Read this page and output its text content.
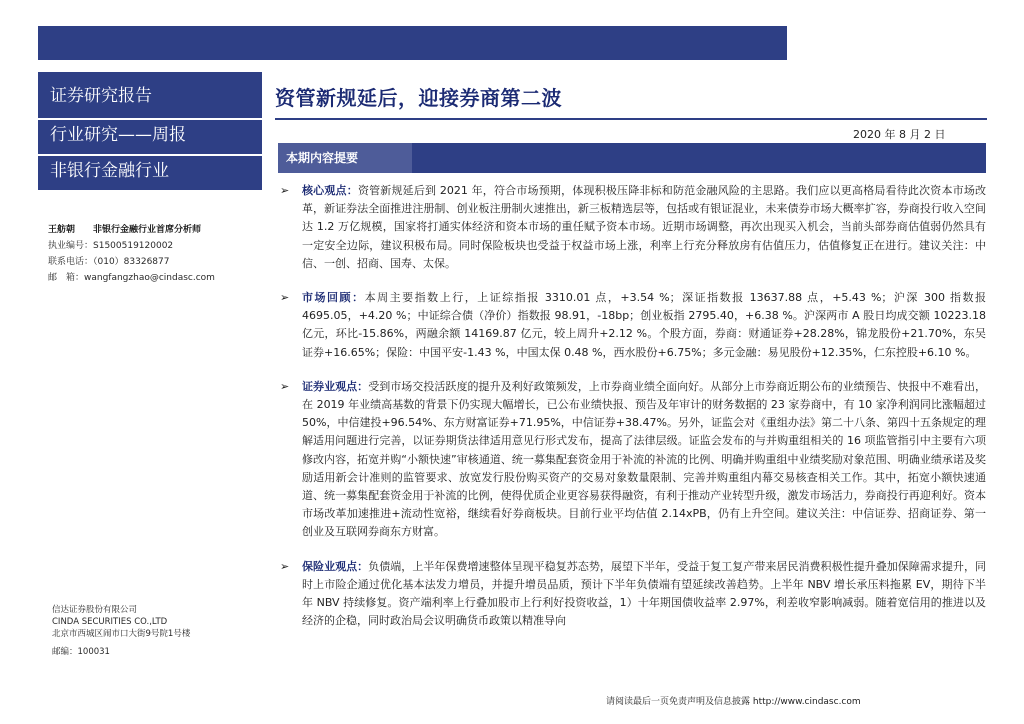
证券研究报告
行业研究——周报
非银行金融行业
王舫朝 非银行金融行业首席分析师
执业编号：S1500519120002
联系电话：（010）83326877
邮　箱：wangfangzhao@cindasc.com
信达证券股份有限公司
CINDA SECURITIES CO.,LTD
北京市西城区闹市口大街9号院1号楼
邮编：100031
资管新规延后，迎接券商第二波
2020 年 8 月 2 日
本期内容提要
➢ 核心观点：资管新规延后到 2021 年，符合市场预期，体现积极压降非标和防范金融风险的主思路。我们应以更高格局看待此次资本市场改革，新证券法全面推进注册制、创业板注册制火速推出，新三板精选层等，包括或有银证混业，未来债券市场大概率扩容，券商投行收入空间达 1.2 万亿规模，国家将打通实体经济和资本市场的重任赋予资本市场。近期市场调整，再次出现买入机会，当前头部券商估值弱仍然具有一定安全边际，建议积极布局。同时保险板块也受益于权益市场上涨，利率上行充分释放房有估值压力，估值修复正在进行。建议关注：中信、一创、招商、国寿、太保。
➢ 市场回顾：本周主要指数上行，上证综指报 3310.01 点，+3.54 %；深证指数报 13637.88 点，+5.43 %；沪深 300 指数报 4695.05，+4.20 %；中证综合债（净价）指数报 98.91，-18bp；创业板指 2795.40，+6.38 %。沪深两市 A 股日均成交额 10223.18 亿元，环比-15.86%，两融余额 14169.87 亿元，较上周升+2.12 %。个股方面，券商：财通证券+28.28%，锦龙股份+21.70%，东吴证券+16.65%；保险：中国平安-1.43 %，中国太保 0.48 %，西水股份+6.75%；多元金融：易见股份+12.35%，仁东控股+6.10 %。
➢ 证券业观点：受到市场交投活跃度的提升及利好政策频发，上市券商业绩全面向好。从部分上市券商近期公布的业绩预告、快报中不难看出，在 2019 年业绩高基数的背景下仍实现大幅增长，已公布业绩快报、预告及年审计的财务数据的 23 家券商中，有 10 家净利润同比涨幅超过 50%，中信建投+96.54%、东方财富证券+71.95%，中信证券+38.47%。另外，证监会对《重组办法》第二十八条、第四十五条规定的理解适用问题进行完善，以证券期货法律适用意见行形式发布，提高了法律层级。证监会发布的与并购重组相关的 16 项监管指引中主要有六项修改内容，拓宽并购“小额快速”审核通道、统一募集配套资金用于补流的补流的比例、明确并购重组中业绩奖励对象范围、明确业绩承诺及奖励适用新会计准则的监管要求、放宽发行股份购买资产的交易对象数量限制、完善并购重组内幕交易核查相关工作。其中，拓宽小额快速通道、统一募集配套资金用于补流的比例，使得优质企业更容易获得融资，有利于推动产业转型升级，激发市场活力，券商投行再迎利好。资本市场改革加速推进+流动性宽裕，继续看好券商板块。目前行业平均估值 2.14xPB，仍有上升空间。建议关注：中信证券、招商证券、第一创业及互联网券商东方财富。
➢ 保险业观点：负债端，上半年保费增速整体呈现平稳复苏态势，展望下半年，受益于复工复产带来居民消费积极性提升叠加保障需求提升，同时上市险企通过优化基本法发力增员，并提升增员品质，预计下半年负债端有望延续改善趋势。上半年 NBV 增长承压料拖累 EV，期待下半年 NBV 持续修复。资产端利率上行叠加股市上行利好投资收益，1）十年期国债收益率 2.97%，利差收窄影响减弱。随着宽信用的推进以及经济的企稳，同时政治局会议明确货币政策以精准导向
请阅读最后一页免责声明及信息披露 http://www.cindasc.com
